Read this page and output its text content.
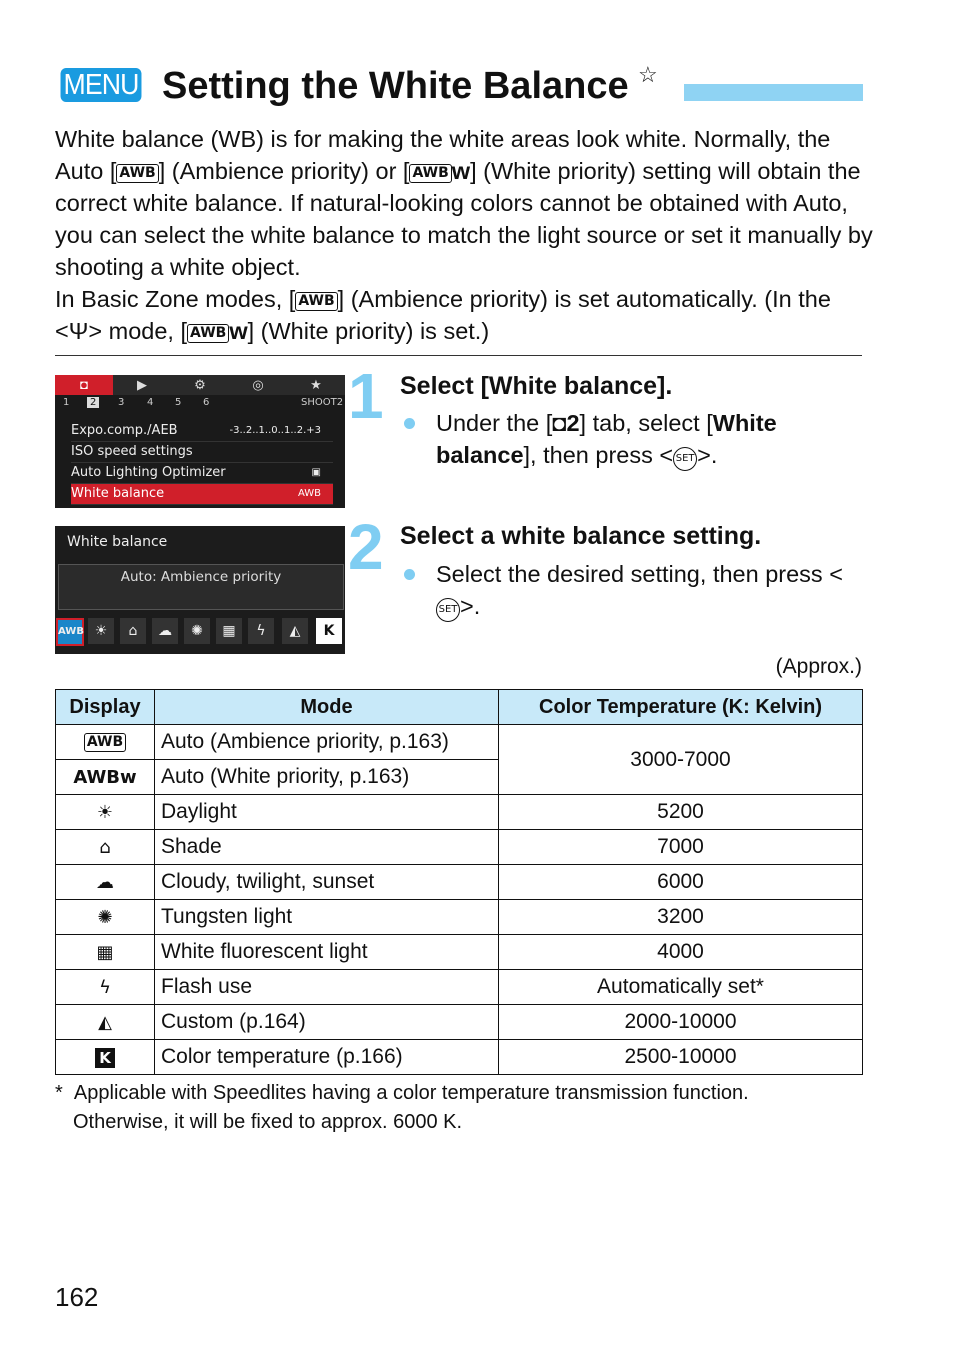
MENU Setting the White Balance ☆
White balance (WB) is for making the white areas look white. Normally, the Auto [ AWB ] (Ambience priority) or [ AWB w] (White priority) setting will obtain the correct white balance. If natural-looking colors cannot be obtained with Auto, you can select the white balance to match the light source or set it manually by shooting a white object.
In Basic Zone modes, [ AWB ] (Ambience priority) is set automatically. (In the <Ψ> mode, [ AWB w] (White priority) is set.)
◘	▶	⚙	◎	★
1	2	3 4 5 6	SHOOT2
Expo.comp./AEB	-3..2..1..0..1..2.+3
ISO speed settings
Auto Lighting Optimizer	▣
White balance	AWB
1 Select [White balance].
Under the [◘2] tab, select [White balance], then press < SET >.
White balance
Auto: Ambience priority
AWB ☀	⌂	☁	✺	▦	ϟ	◭	K
2 Select a white balance setting.
Select the desired setting, then press <SET >.
(Approx.)
Display	Mode	Color Temperature (K: Kelvin)
AWB	Auto (Ambience priority, p.163)	3000-7000
AWBw	Auto (White priority, p.163)	
☀	Daylight	5200
⌂	Shade	7000
☁	Cloudy, twilight, sunset	6000
✺	Tungsten light	3200
▦	White fluorescent light	4000
ϟ	Flash use	Automatically set*
◭	Custom (p.164)	2000-10000
K	Color temperature (p.166)	2500-10000
* Applicable with Speedlites having a color temperature transmission function.
Otherwise, it will be fixed to approx. 6000 K.
162
